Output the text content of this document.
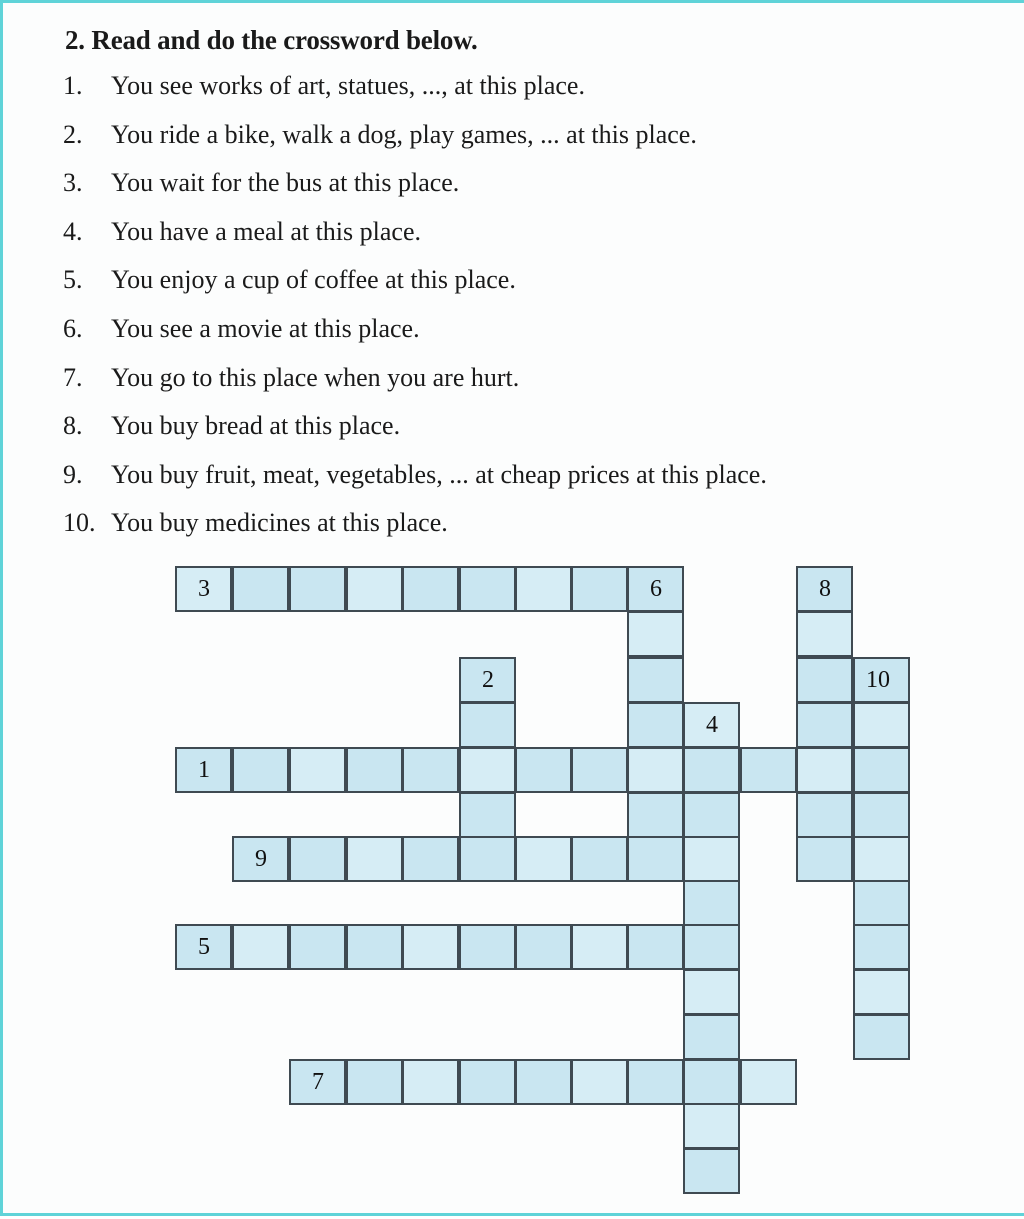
2. Read and do the crossword below.
1.	You see works of art, statues, ..., at this place.
2.	You ride a bike, walk a dog, play games, ... at this place.
3.	You wait for the bus at this place.
4.	You have a meal at this place.
5.	You enjoy a cup of coffee at this place.
6.	You see a movie at this place.
7.	You go to this place when you are hurt.
8.	You buy bread at this place.
9.	You buy fruit, meat, vegetables, ... at cheap prices at this place.
10. You buy medicines at this place.
3	6
1
9
5
7
2
4
8
10
